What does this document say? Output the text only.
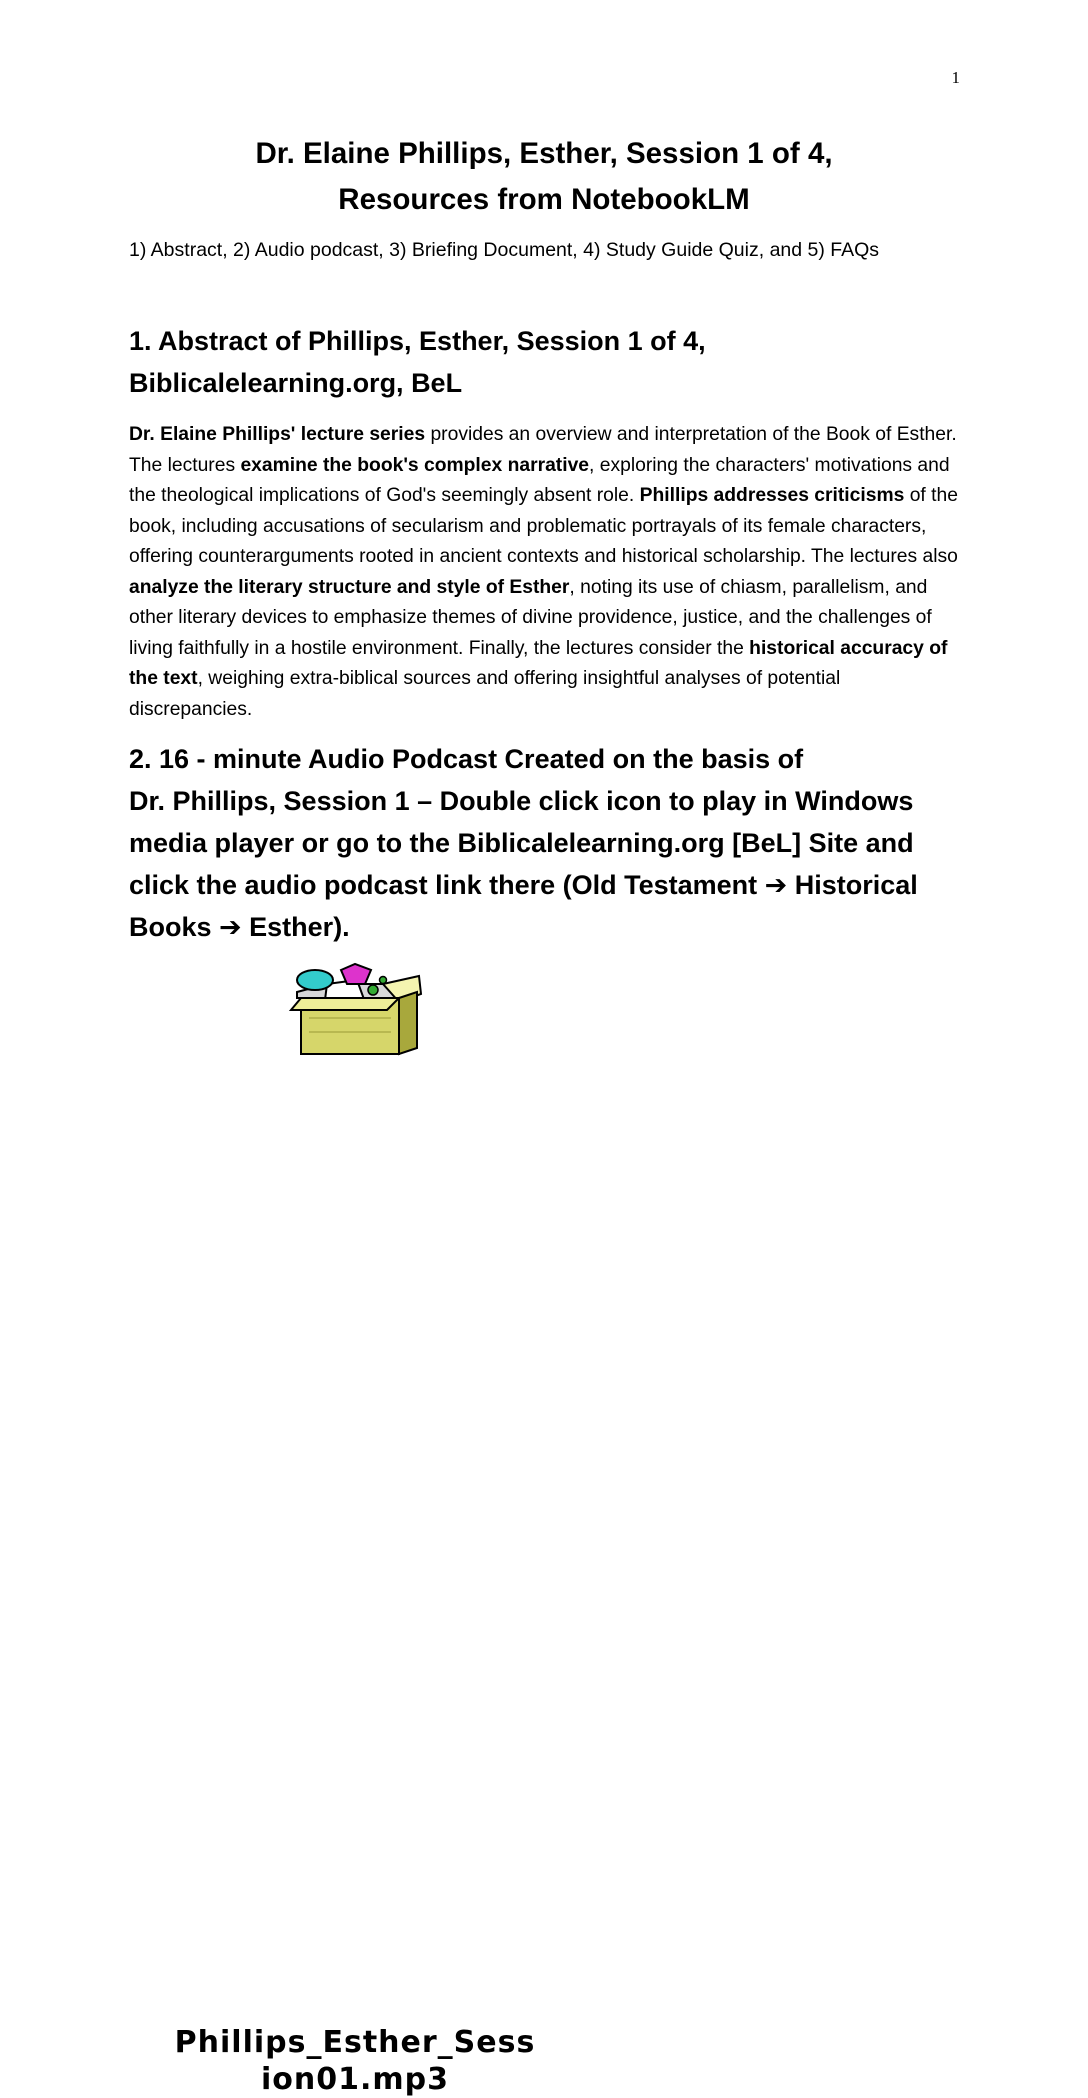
1
Dr. Elaine Phillips, Esther, Session 1 of 4,
Resources from NotebookLM
1) Abstract, 2) Audio podcast, 3) Briefing Document, 4) Study Guide Quiz, and 5) FAQs
1. Abstract of Phillips, Esther, Session 1 of 4,
Biblicalelearning.org, BeL

Dr. Elaine Phillips' lecture series provides an overview and interpretation of the Book of Esther. The lectures examine the book's complex narrative, exploring the characters' motivations and the theological implications of God's seemingly absent role. Phillips addresses criticisms of the book, including accusations of secularism and problematic portrayals of its female characters, offering counterarguments rooted in ancient contexts and historical scholarship. The lectures also analyze the literary structure and style of Esther, noting its use of chiasm, parallelism, and other literary devices to emphasize themes of divine providence, justice, and the challenges of living faithfully in a hostile environment. Finally, the lectures consider the historical accuracy of the text, weighing extra-biblical sources and offering insightful analyses of potential discrepancies.

2. 16 - minute Audio Podcast Created on the basis of
Dr. Phillips, Session 1 – Double click icon to play in Windows
media player or go to the Biblicalelearning.org [BeL] Site and
click the audio podcast link there (Old Testament ➔ Historical
Books ➔ Esther).
Phillips_Esther_Sess
ion01.mp3
